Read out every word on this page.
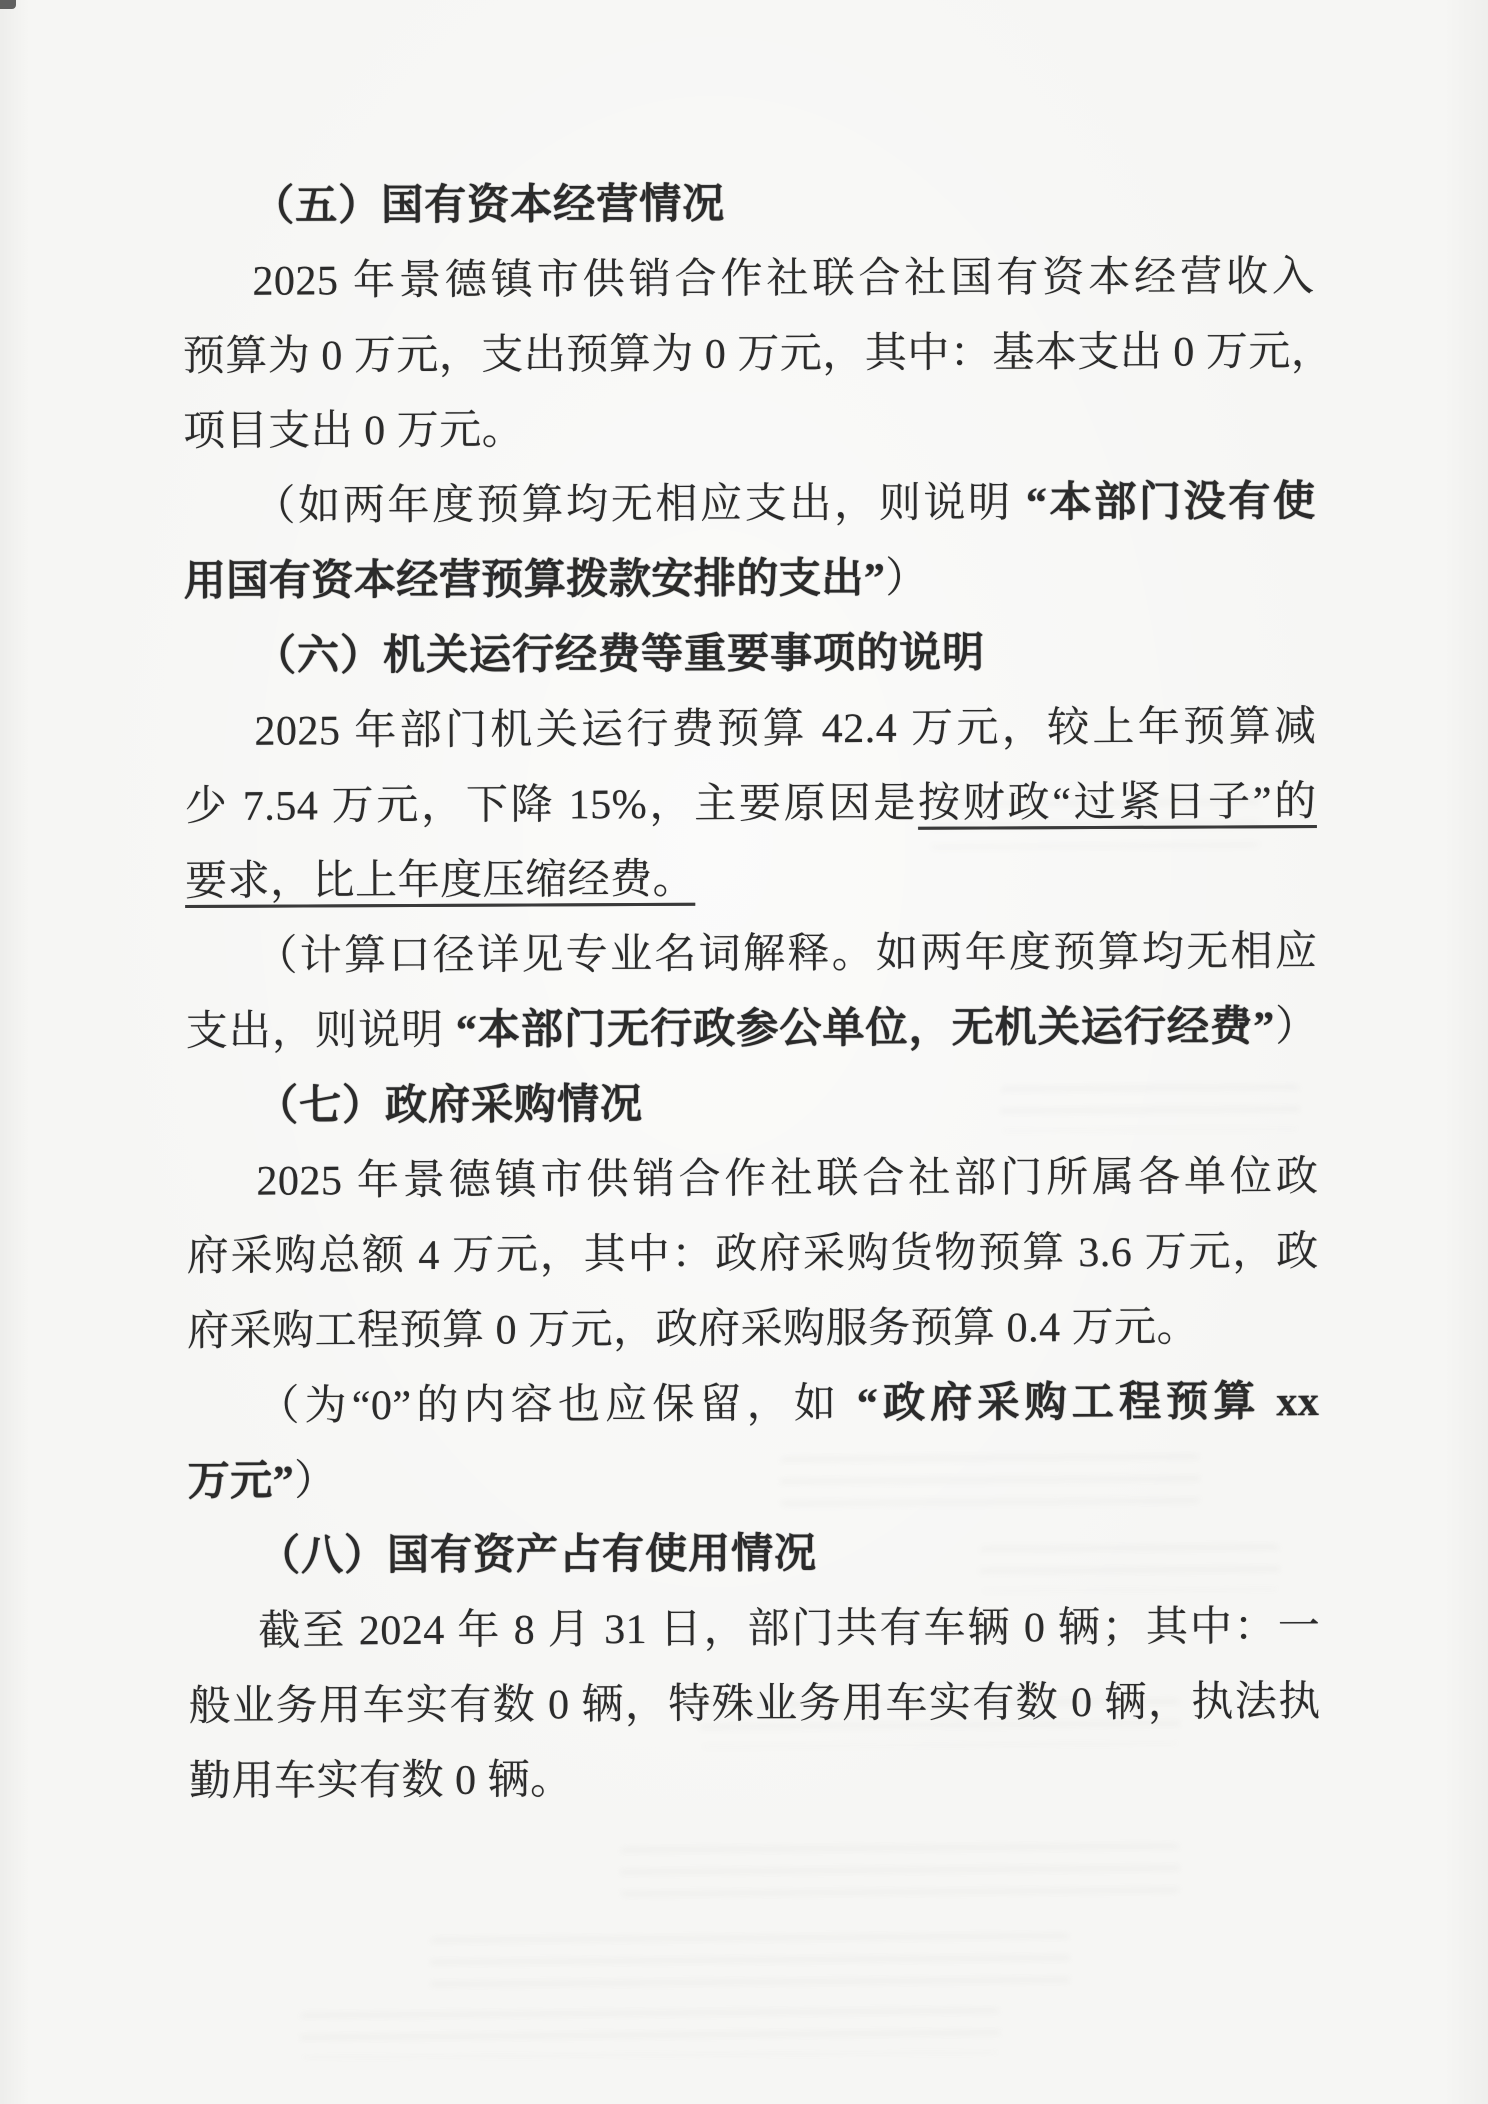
（五）国有资本经营情况
2025 年景德镇市供销合作社联合社国有资本经营收入
预算为 0 万元，支出预算为 0 万元，其中：基本支出 0 万元，
项目支出 0 万元。
（如两年度预算均无相应支出，则说明 “本部门没有使
用国有资本经营预算拨款安排的支出”）
（六）机关运行经费等重要事项的说明
2025 年部门机关运行费预算 42.4 万元，较上年预算减
少 7.54 万元，下降 15%，主要原因是按财政“过紧日子”的
要求，比上年度压缩经费。
（计算口径详见专业名词解释。如两年度预算均无相应
支出，则说明 “本部门无行政参公单位，无机关运行经费”）
（七）政府采购情况
2025 年景德镇市供销合作社联合社部门所属各单位政
府采购总额 4 万元，其中：政府采购货物预算 3.6 万元，政
府采购工程预算 0 万元，政府采购服务预算 0.4 万元。
（为“0”的内容也应保留，如 “政府采购工程预算 xx
万元”）
（八）国有资产占有使用情况
截至 2024 年 8 月 31 日，部门共有车辆 0 辆；其中：一
般业务用车实有数 0 辆，特殊业务用车实有数 0 辆，执法执
勤用车实有数 0 辆。
